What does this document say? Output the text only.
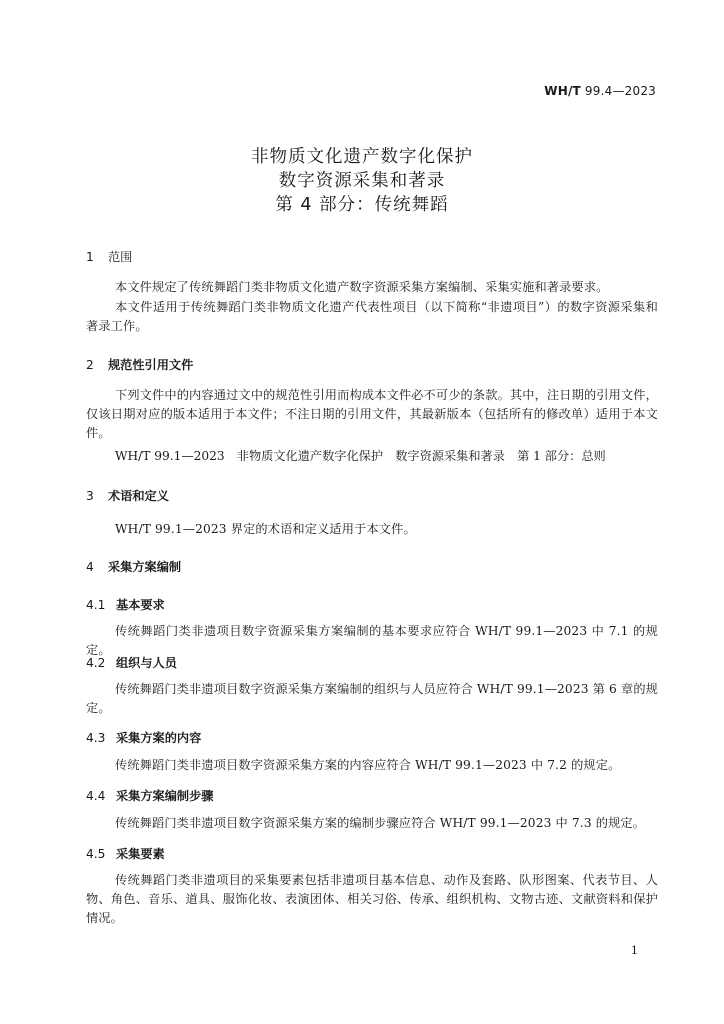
WH/T 99.4—2023
非物质文化遗产数字化保护
数字资源采集和著录
第 4 部分：传统舞蹈
1 范围
本文件规定了传统舞蹈门类非物质文化遗产数字资源采集方案编制、采集实施和著录要求。
本文件适用于传统舞蹈门类非物质文化遗产代表性项目（以下简称“非遗项目”）的数字资源采集和著录工作。
2 规范性引用文件
下列文件中的内容通过文中的规范性引用而构成本文件必不可少的条款。其中，注日期的引用文件，仅该日期对应的版本适用于本文件；不注日期的引用文件，其最新版本（包括所有的修改单）适用于本文件。
WH/T 99.1—2023　非物质文化遗产数字化保护　数字资源采集和著录　第 1 部分：总则
3 术语和定义
WH/T 99.1—2023 界定的术语和定义适用于本文件。
4 采集方案编制
4.1 基本要求
传统舞蹈门类非遗项目数字资源采集方案编制的基本要求应符合 WH/T 99.1—2023 中 7.1 的规定。
4.2 组织与人员
传统舞蹈门类非遗项目数字资源采集方案编制的组织与人员应符合 WH/T 99.1—2023 第 6 章的规定。
4.3 采集方案的内容
传统舞蹈门类非遗项目数字资源采集方案的内容应符合 WH/T 99.1—2023 中 7.2 的规定。
4.4 采集方案编制步骤
传统舞蹈门类非遗项目数字资源采集方案的编制步骤应符合 WH/T 99.1—2023 中 7.3 的规定。
4.5 采集要素
传统舞蹈门类非遗项目的采集要素包括非遗项目基本信息、动作及套路、队形图案、代表节目、人物、角色、音乐、道具、服饰化妆、表演团体、相关习俗、传承、组织机构、文物古迹、文献资料和保护情况。
1
